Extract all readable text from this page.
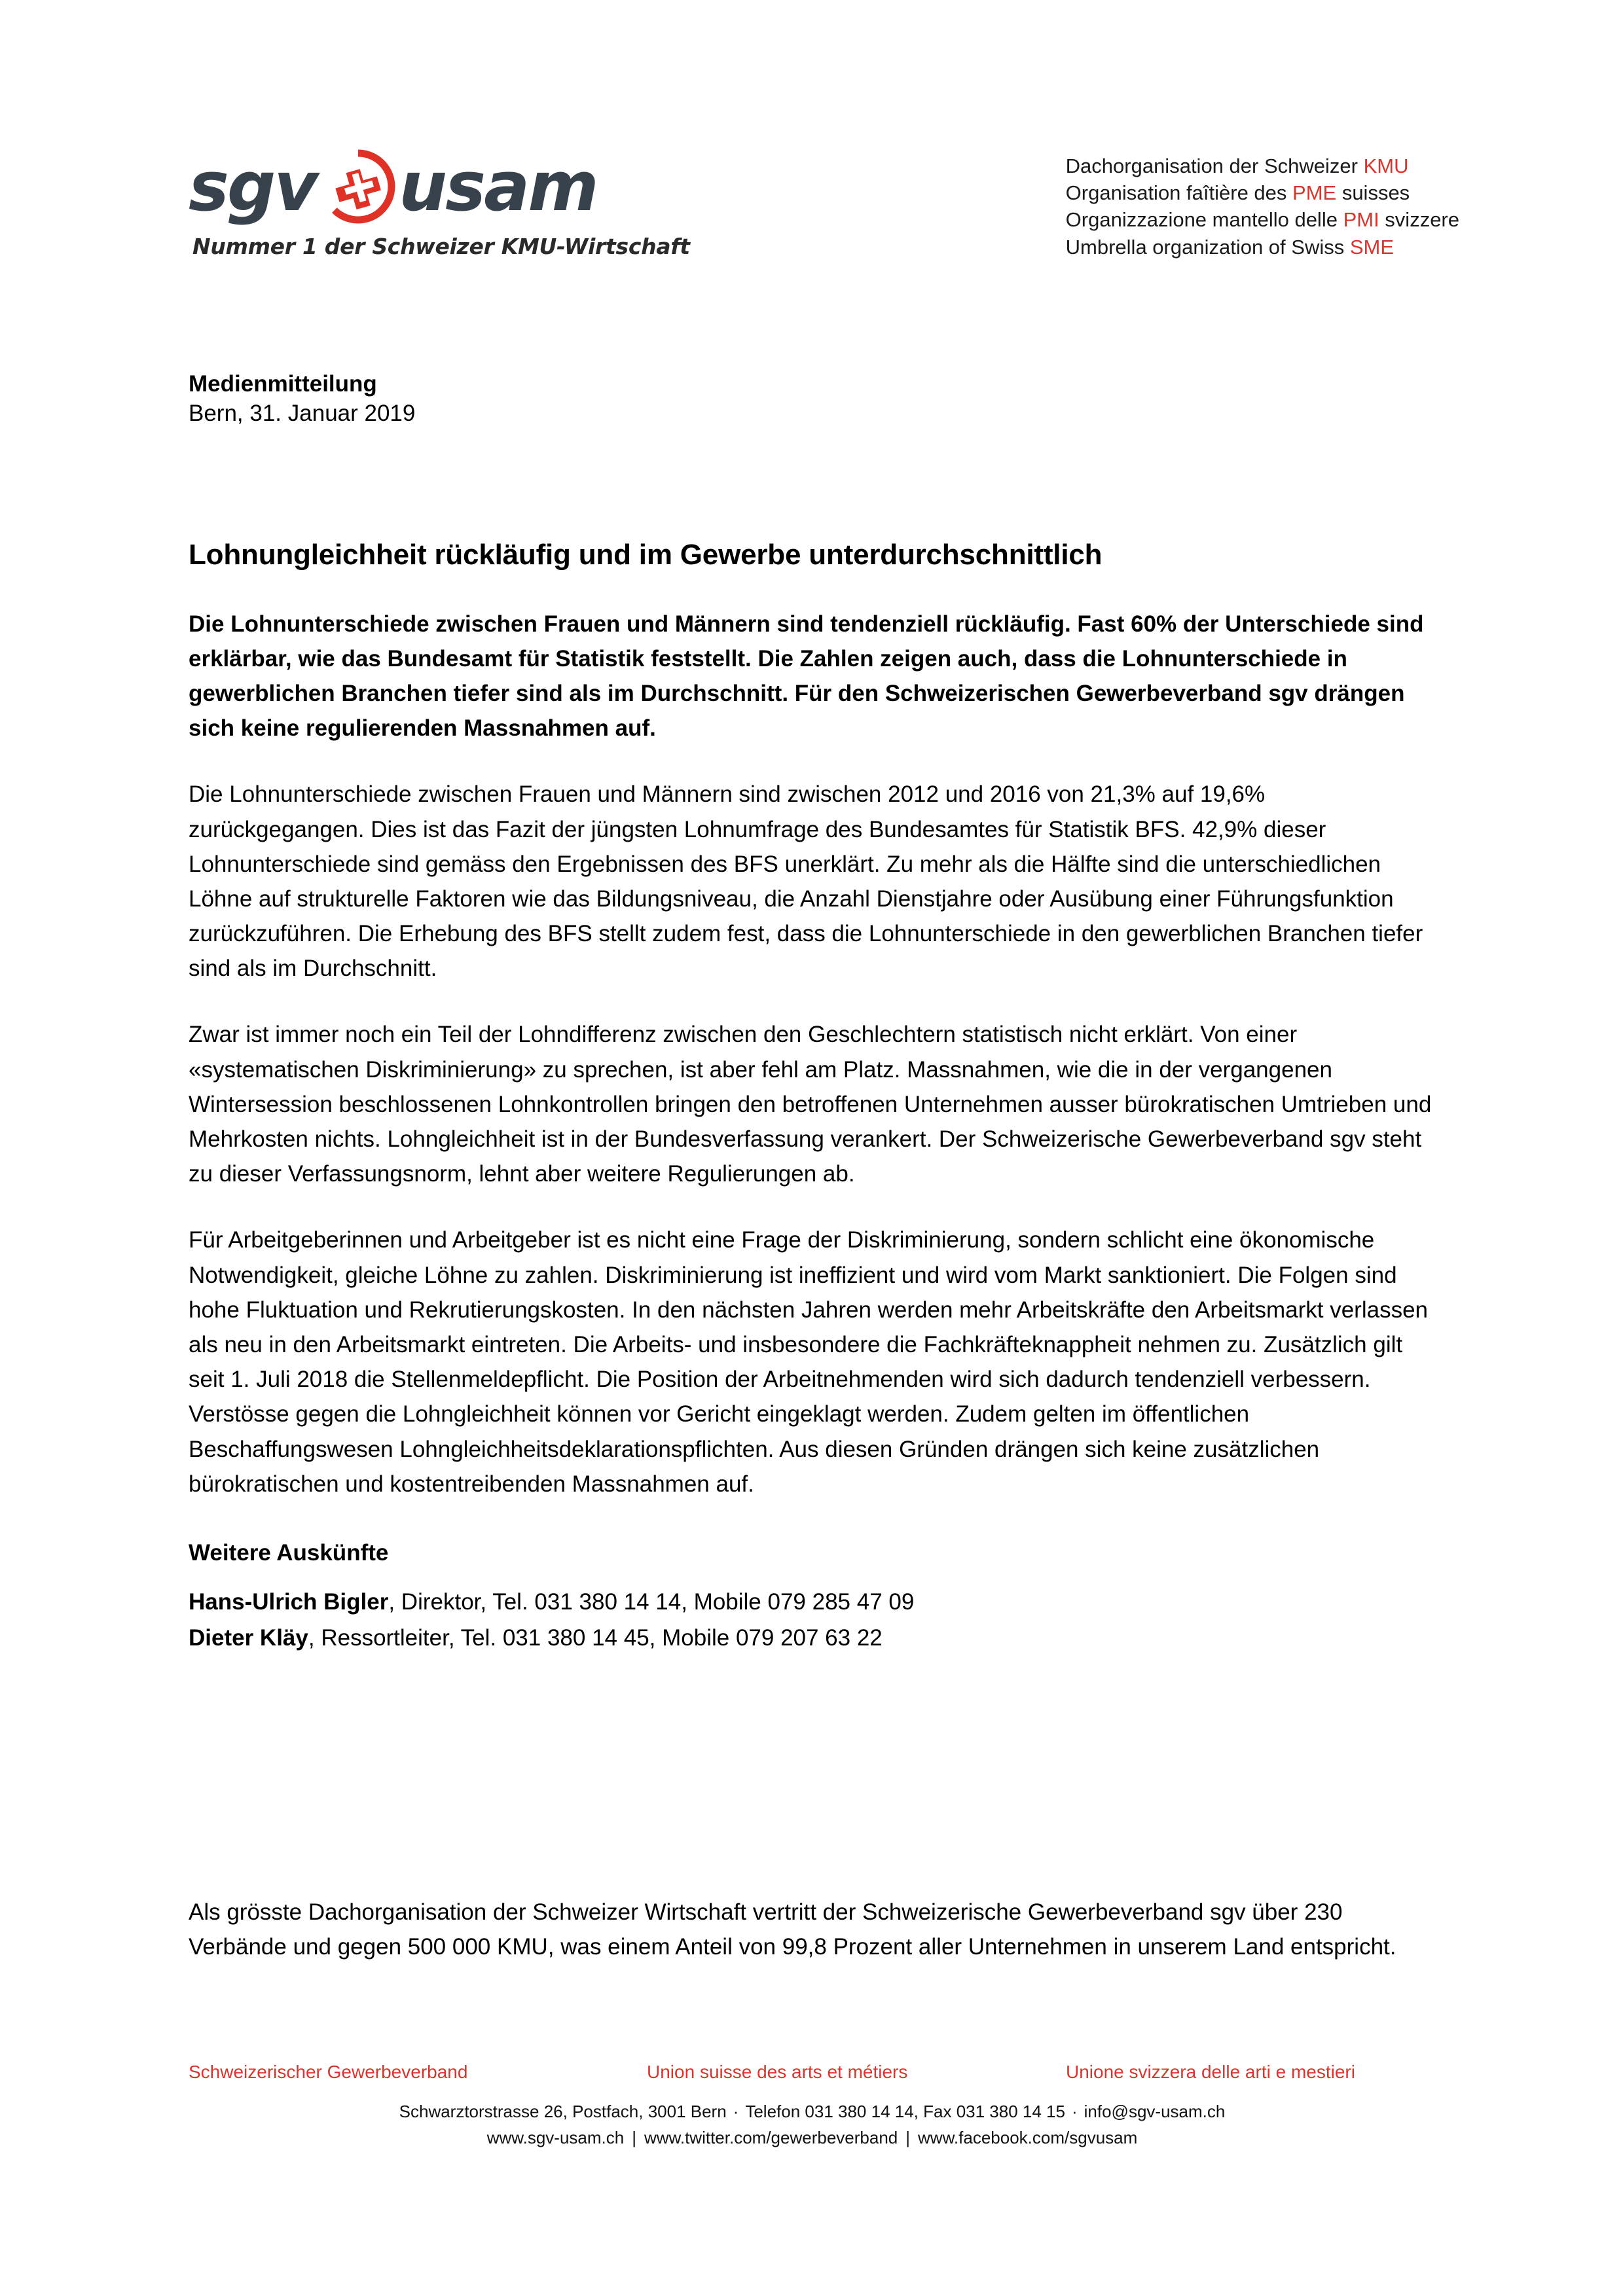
sgv usam
Nummer 1 der Schweizer KMU-Wirtschaft
Dachorganisation der Schweizer KMU
Organisation faîtière des PME suisses
Organizzazione mantello delle PMI svizzere
Umbrella organization of Swiss SME

Medienmitteilung

Bern, 31. Januar 2019

Lohnungleichheit rückläufig und im Gewerbe unterdurchschnittlich

Die Lohnunterschiede zwischen Frauen und Männern sind tendenziell rückläufig. Fast 60% der Unterschiede sind erklärbar, wie das Bundesamt für Statistik feststellt. Die Zahlen zeigen auch, dass die Lohnunterschiede in gewerblichen Branchen tiefer sind als im Durchschnitt. Für den Schweizerischen Gewerbeverband sgv drängen sich keine regulierenden Massnahmen auf.

Die Lohnunterschiede zwischen Frauen und Männern sind zwischen 2012 und 2016 von 21,3% auf 19,6% zurückgegangen. Dies ist das Fazit der jüngsten Lohnumfrage des Bundesamtes für Statistik BFS. 42,9% dieser Lohnunterschiede sind gemäss den Ergebnissen des BFS unerklärt. Zu mehr als die Hälfte sind die unterschiedlichen Löhne auf strukturelle Faktoren wie das Bildungsniveau, die Anzahl Dienstjahre oder Ausübung einer Führungsfunktion zurückzuführen. Die Erhebung des BFS stellt zudem fest, dass die Lohnunterschiede in den gewerblichen Branchen tiefer sind als im Durchschnitt.

Zwar ist immer noch ein Teil der Lohndifferenz zwischen den Geschlechtern statistisch nicht erklärt. Von einer «systematischen Diskriminierung» zu sprechen, ist aber fehl am Platz. Massnahmen, wie die in der vergangenen Wintersession beschlossenen Lohnkontrollen bringen den betroffenen Unternehmen ausser bürokratischen Umtrieben und Mehrkosten nichts. Lohngleichheit ist in der Bundesverfassung verankert. Der Schweizerische Gewerbeverband sgv steht zu dieser Verfassungsnorm, lehnt aber weitere Regulierungen ab.

Für Arbeitgeberinnen und Arbeitgeber ist es nicht eine Frage der Diskriminierung, sondern schlicht eine ökonomische Notwendigkeit, gleiche Löhne zu zahlen. Diskriminierung ist ineffizient und wird vom Markt sanktioniert. Die Folgen sind hohe Fluktuation und Rekrutierungskosten. In den nächsten Jahren werden mehr Arbeitskräfte den Arbeitsmarkt verlassen als neu in den Arbeitsmarkt eintreten. Die Arbeits- und insbesondere die Fachkräfteknappheit nehmen zu. Zusätzlich gilt seit 1. Juli 2018 die Stellenmeldepflicht. Die Position der Arbeitnehmenden wird sich dadurch tendenziell verbessern. Verstösse gegen die Lohngleichheit können vor Gericht eingeklagt werden. Zudem gelten im öffentlichen Beschaffungswesen Lohngleichheitsdeklarationspflichten. Aus diesen Gründen drängen sich keine zusätzlichen bürokratischen und kostentreibenden Massnahmen auf.

Weitere Auskünfte

Hans-Ulrich Bigler, Direktor, Tel. 031 380 14 14, Mobile 079 285 47 09

Dieter Kläy, Ressortleiter, Tel. 031 380 14 45, Mobile 079 207 63 22

Als grösste Dachorganisation der Schweizer Wirtschaft vertritt der Schweizerische Gewerbeverband sgv über 230 Verbände und gegen 500 000 KMU, was einem Anteil von 99,8 Prozent aller Unternehmen in unserem Land entspricht.

Schweizerischer Gewerbeverband	Union suisse des arts et métiers	Unione svizzera delle arti e mestieri
Schwarztorstrasse 26, Postfach, 3001 Bern · Telefon 031 380 14 14, Fax 031 380 14 15 · info@sgv-usam.ch
www.sgv-usam.ch | www.twitter.com/gewerbeverband | www.facebook.com/sgvusam
